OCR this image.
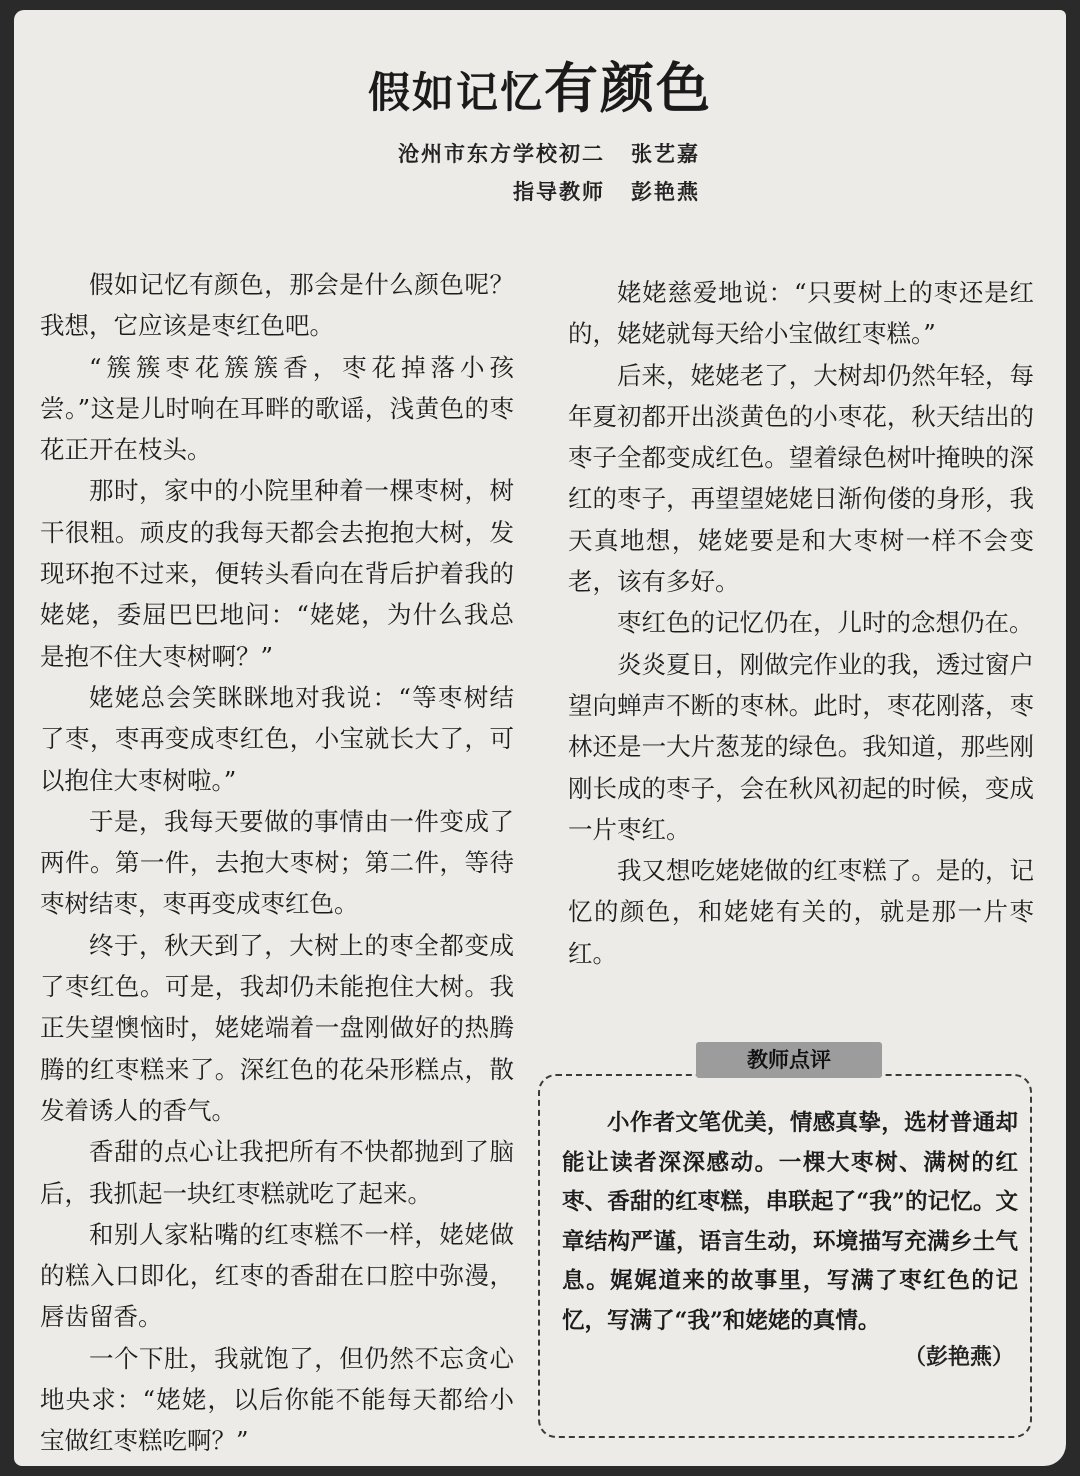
假如记忆有颜色
沧州市东方学校初二 张艺嘉
指导教师 彭艳燕

假如记忆有颜色，那会是什么颜色呢？我想，它应该是枣红色吧。

“簇簇枣花簇簇香，枣花掉落小孩尝。”这是儿时响在耳畔的歌谣，浅黄色的枣花正开在枝头。

那时，家中的小院里种着一棵枣树，树干很粗。顽皮的我每天都会去抱抱大树，发现环抱不过来，便转头看向在背后护着我的姥姥，委屈巴巴地问：“姥姥，为什么我总是抱不住大枣树啊？”

姥姥总会笑眯眯地对我说：“等枣树结了枣，枣再变成枣红色，小宝就长大了，可以抱住大枣树啦。”

于是，我每天要做的事情由一件变成了两件。第一件，去抱大枣树；第二件，等待枣树结枣，枣再变成枣红色。

终于，秋天到了，大树上的枣全都变成了枣红色。可是，我却仍未能抱住大树。我正失望懊恼时，姥姥端着一盘刚做好的热腾腾的红枣糕来了。深红色的花朵形糕点，散发着诱人的香气。

香甜的点心让我把所有不快都抛到了脑后，我抓起一块红枣糕就吃了起来。

和别人家粘嘴的红枣糕不一样，姥姥做的糕入口即化，红枣的香甜在口腔中弥漫，唇齿留香。

一个下肚，我就饱了，但仍然不忘贪心地央求：“姥姥，以后你能不能每天都给小宝做红枣糕吃啊？”

姥姥慈爱地说：“只要树上的枣还是红的，姥姥就每天给小宝做红枣糕。”

后来，姥姥老了，大树却仍然年轻，每年夏初都开出淡黄色的小枣花，秋天结出的枣子全都变成红色。望着绿色树叶掩映的深红的枣子，再望望姥姥日渐佝偻的身形，我天真地想，姥姥要是和大枣树一样不会变老，该有多好。

枣红色的记忆仍在，儿时的念想仍在。

炎炎夏日，刚做完作业的我，透过窗户望向蝉声不断的枣林。此时，枣花刚落，枣林还是一大片葱茏的绿色。我知道，那些刚刚长成的枣子，会在秋风初起的时候，变成一片枣红。

我又想吃姥姥做的红枣糕了。是的，记忆的颜色，和姥姥有关的，就是那一片枣红。

教师点评
小作者文笔优美，情感真挚，选材普通却能让读者深深感动。一棵大枣树、满树的红枣、香甜的红枣糕，串联起了“我”的记忆。文章结构严谨，语言生动，环境描写充满乡土气息。娓娓道来的故事里，写满了枣红色的记忆，写满了“我”和姥姥的真情。
（彭艳燕）
